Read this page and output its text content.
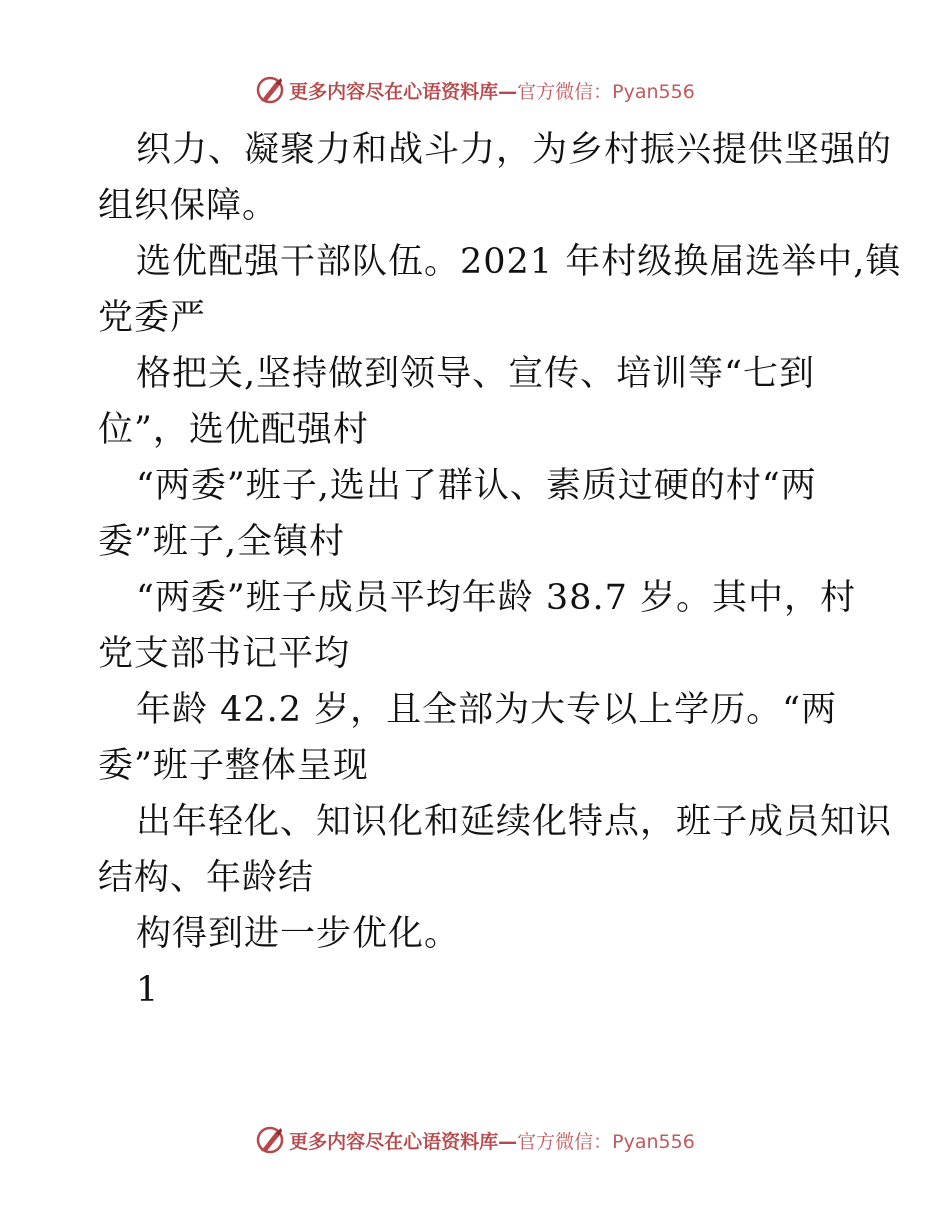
更多内容尽在心语资料库—官方微信：Pyan556
织力、凝聚力和战斗力，为乡村振兴提供坚强的
组织保障。
选优配强干部队伍。2021 年村级换届选举中,镇
党委严
格把关,坚持做到领导、宣传、培训等“七到
位”，选优配强村
“两委”班子,选出了群认、素质过硬的村“两
委”班子,全镇村
“两委”班子成员平均年龄 38.7 岁。其中，村
党支部书记平均
年龄 42.2 岁，且全部为大专以上学历。“两
委”班子整体呈现
出年轻化、知识化和延续化特点，班子成员知识
结构、年龄结
构得到进一步优化。
1
更多内容尽在心语资料库—官方微信：Pyan556
